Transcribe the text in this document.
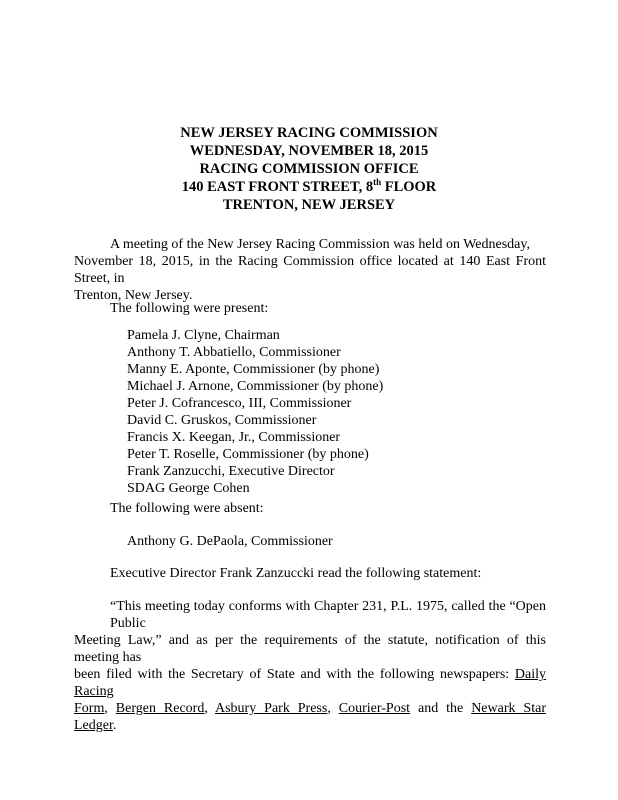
NEW JERSEY RACING COMMISSION
WEDNESDAY, NOVEMBER 18, 2015
RACING COMMISSION OFFICE
140 EAST FRONT STREET, 8th FLOOR
TRENTON, NEW JERSEY
A meeting of the New Jersey Racing Commission was held on Wednesday,
November 18, 2015, in the Racing Commission office located at 140 East Front Street, in
Trenton, New Jersey.
The following were present:
Pamela J. Clyne, Chairman
Anthony T. Abbatiello, Commissioner
Manny E. Aponte, Commissioner (by phone)
Michael J. Arnone, Commissioner (by phone)
Peter J. Cofrancesco, III, Commissioner
David C. Gruskos, Commissioner
Francis X. Keegan, Jr., Commissioner
Peter T. Roselle, Commissioner (by phone)
Frank Zanzucchi, Executive Director
SDAG George Cohen
The following were absent:
Anthony G. DePaola, Commissioner
Executive Director Frank Zanzuccki read the following statement:
“This meeting today conforms with Chapter 231, P.L. 1975, called the “Open Public
Meeting Law,” and as per the requirements of the statute, notification of this meeting has
been filed with the Secretary of State and with the following newspapers: Daily Racing
Form, Bergen Record, Asbury Park Press, Courier-Post and the Newark Star Ledger.
